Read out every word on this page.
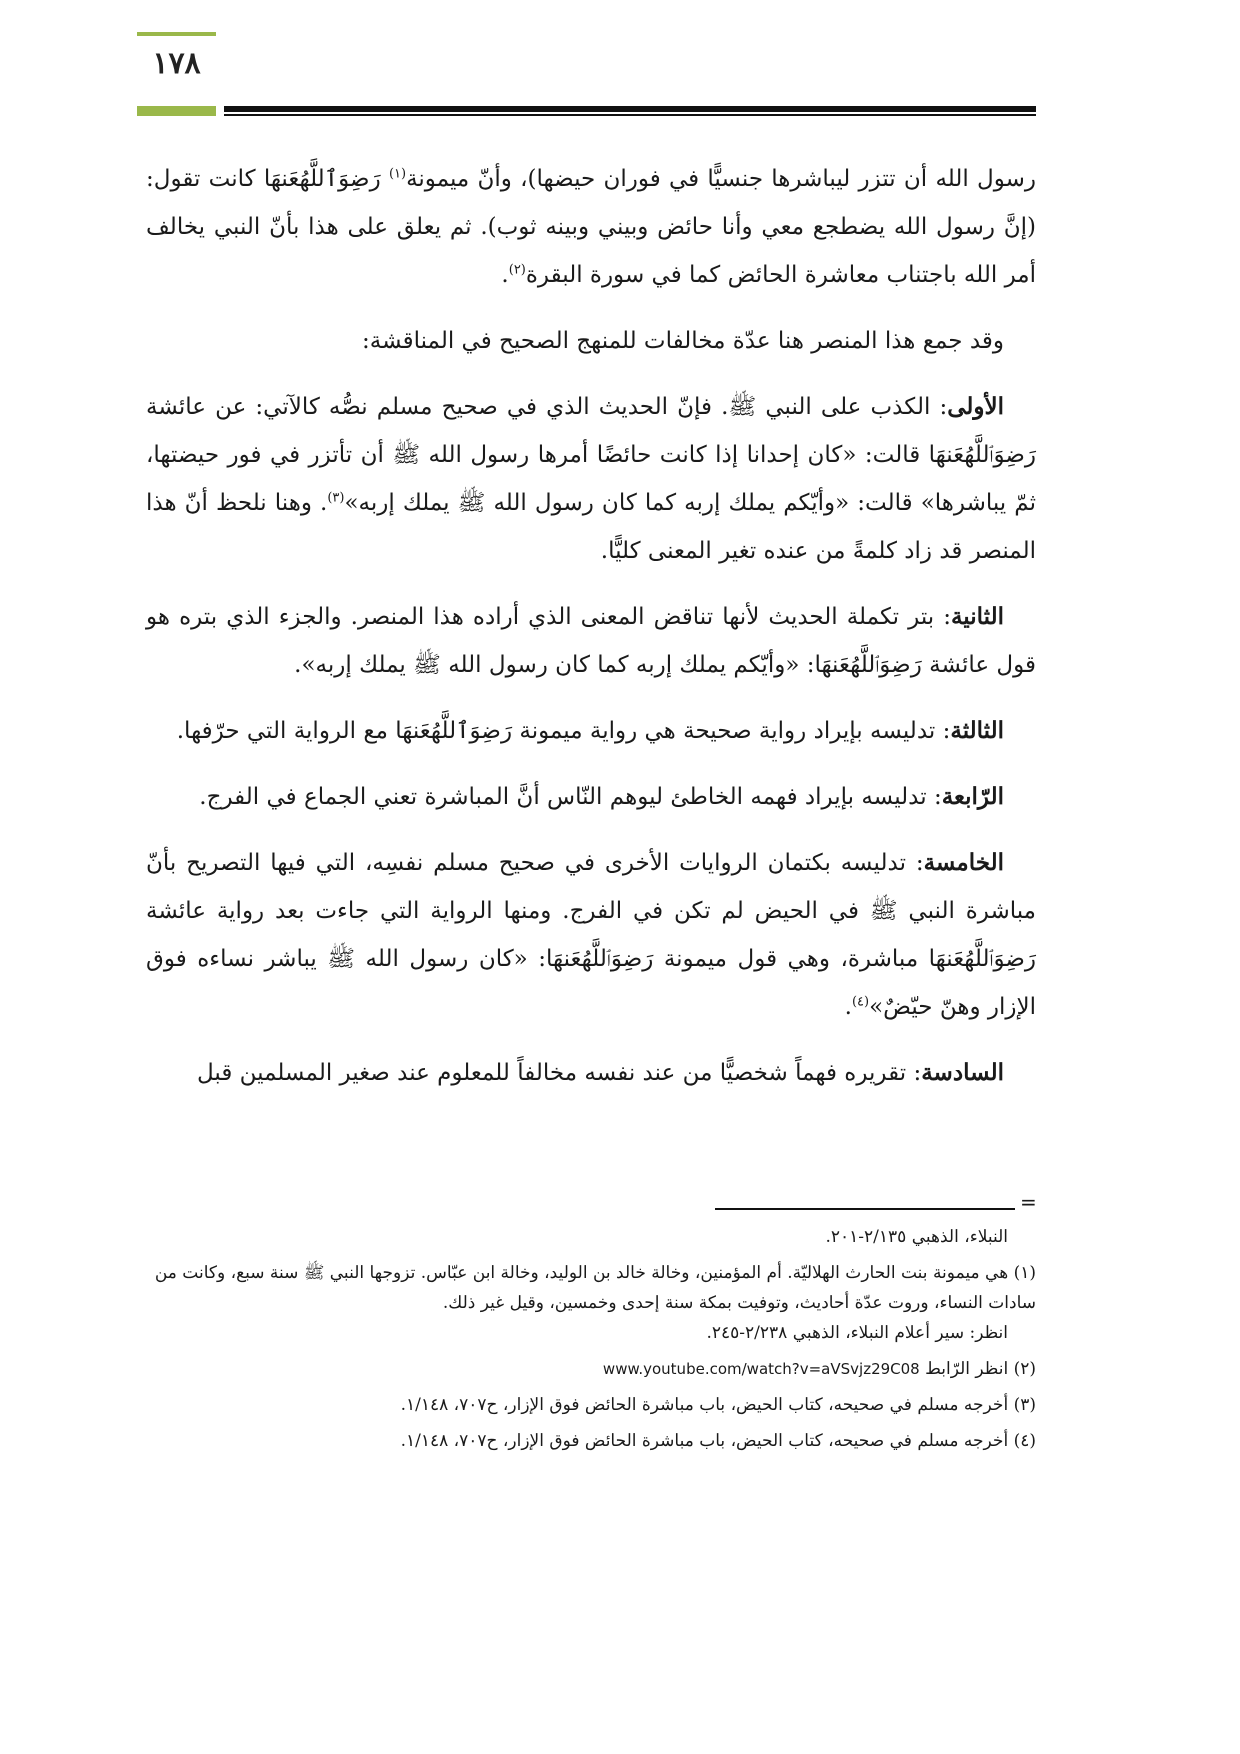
١٧٨

رسول الله أن تتزر ليباشرها جنسيًّا في فوران حيضها)، وأنّ ميمونة$^{(١)}$ رَضِوَٱللَّهُعَنهَا كانت تقول: (إنَّ رسول الله يضطجع معي وأنا حائض وبيني وبينه ثوب). ثم يعلق على هذا بأنّ النبي يخالف أمر الله باجتناب معاشرة الحائض كما في سورة البقرة$^{(٢)}$.

وقد جمع هذا المنصر هنا عدّة مخالفات للمنهج الصحيح في المناقشة:

الأولى: الكذب على النبي ﷺ. فإنّ الحديث الذي في صحيح مسلم نصُّه كالآتي: عن عائشة رَضِوَٱللَّهُعَنهَا قالت: «كان إحدانا إذا كانت حائضًا أمرها رسول الله ﷺ أن تأتزر في فور حيضتها، ثمّ يباشرها» قالت: «وأيّكم يملك إربه كما كان رسول الله ﷺ يملك إربه»$^{(٣)}$. وهنا نلحظ أنّ هذا المنصر قد زاد كلمةً من عنده تغير المعنى كليًّا.

الثانية: بتر تكملة الحديث لأنها تناقض المعنى الذي أراده هذا المنصر. والجزء الذي بتره هو قول عائشة رَضِوَٱللَّهُعَنهَا: «وأيّكم يملك إربه كما كان رسول الله ﷺ يملك إربه».

الثالثة: تدليسه بإيراد رواية صحيحة هي رواية ميمونة رَضِوَٱللَّهُعَنهَا مع الرواية التي حرّفها.

الرّابعة: تدليسه بإيراد فهمه الخاطئ ليوهم النّاس أنَّ المباشرة تعني الجماع في الفرج.

الخامسة: تدليسه بكتمان الروايات الأخرى في صحيح مسلم نفسِه، التي فيها التصريح بأنّ مباشرة النبي ﷺ في الحيض لم تكن في الفرج. ومنها الرواية التي جاءت بعد رواية عائشة رَضِوَٱللَّهُعَنهَا مباشرة، وهي قول ميمونة رَضِوَٱللَّهُعَنهَا: «كان رسول الله ﷺ يباشر نساءه فوق الإزار وهنّ حيّضٌ»$^{(٤)}$.

السادسة: تقريره فهماً شخصيًّا من عند نفسه مخالفاً للمعلوم عند صغير المسلمين قبل

=
النبلاء، الذهبي ٢/١٣٥-٢٠١.
(١) هي ميمونة بنت الحارث الهلاليّة. أم المؤمنين، وخالة خالد بن الوليد، وخالة ابن عبّاس. تزوجها النبي ﷺ سنة سبع، وكانت من سادات النساء، وروت عدّة أحاديث، وتوفيت بمكة سنة إحدى وخمسين، وقيل غير ذلك.
انظر: سير أعلام النبلاء، الذهبي ٢/٢٣٨-٢٤٥.
(٢) انظر الرّابط www.youtube.com/watch?v=aVSvjz29C08
(٣) أخرجه مسلم في صحيحه، كتاب الحيض، باب مباشرة الحائض فوق الإزار، ح٧٠٧، ١/١٤٨.
(٤) أخرجه مسلم في صحيحه، كتاب الحيض، باب مباشرة الحائض فوق الإزار، ح٧٠٧، ١/١٤٨.
